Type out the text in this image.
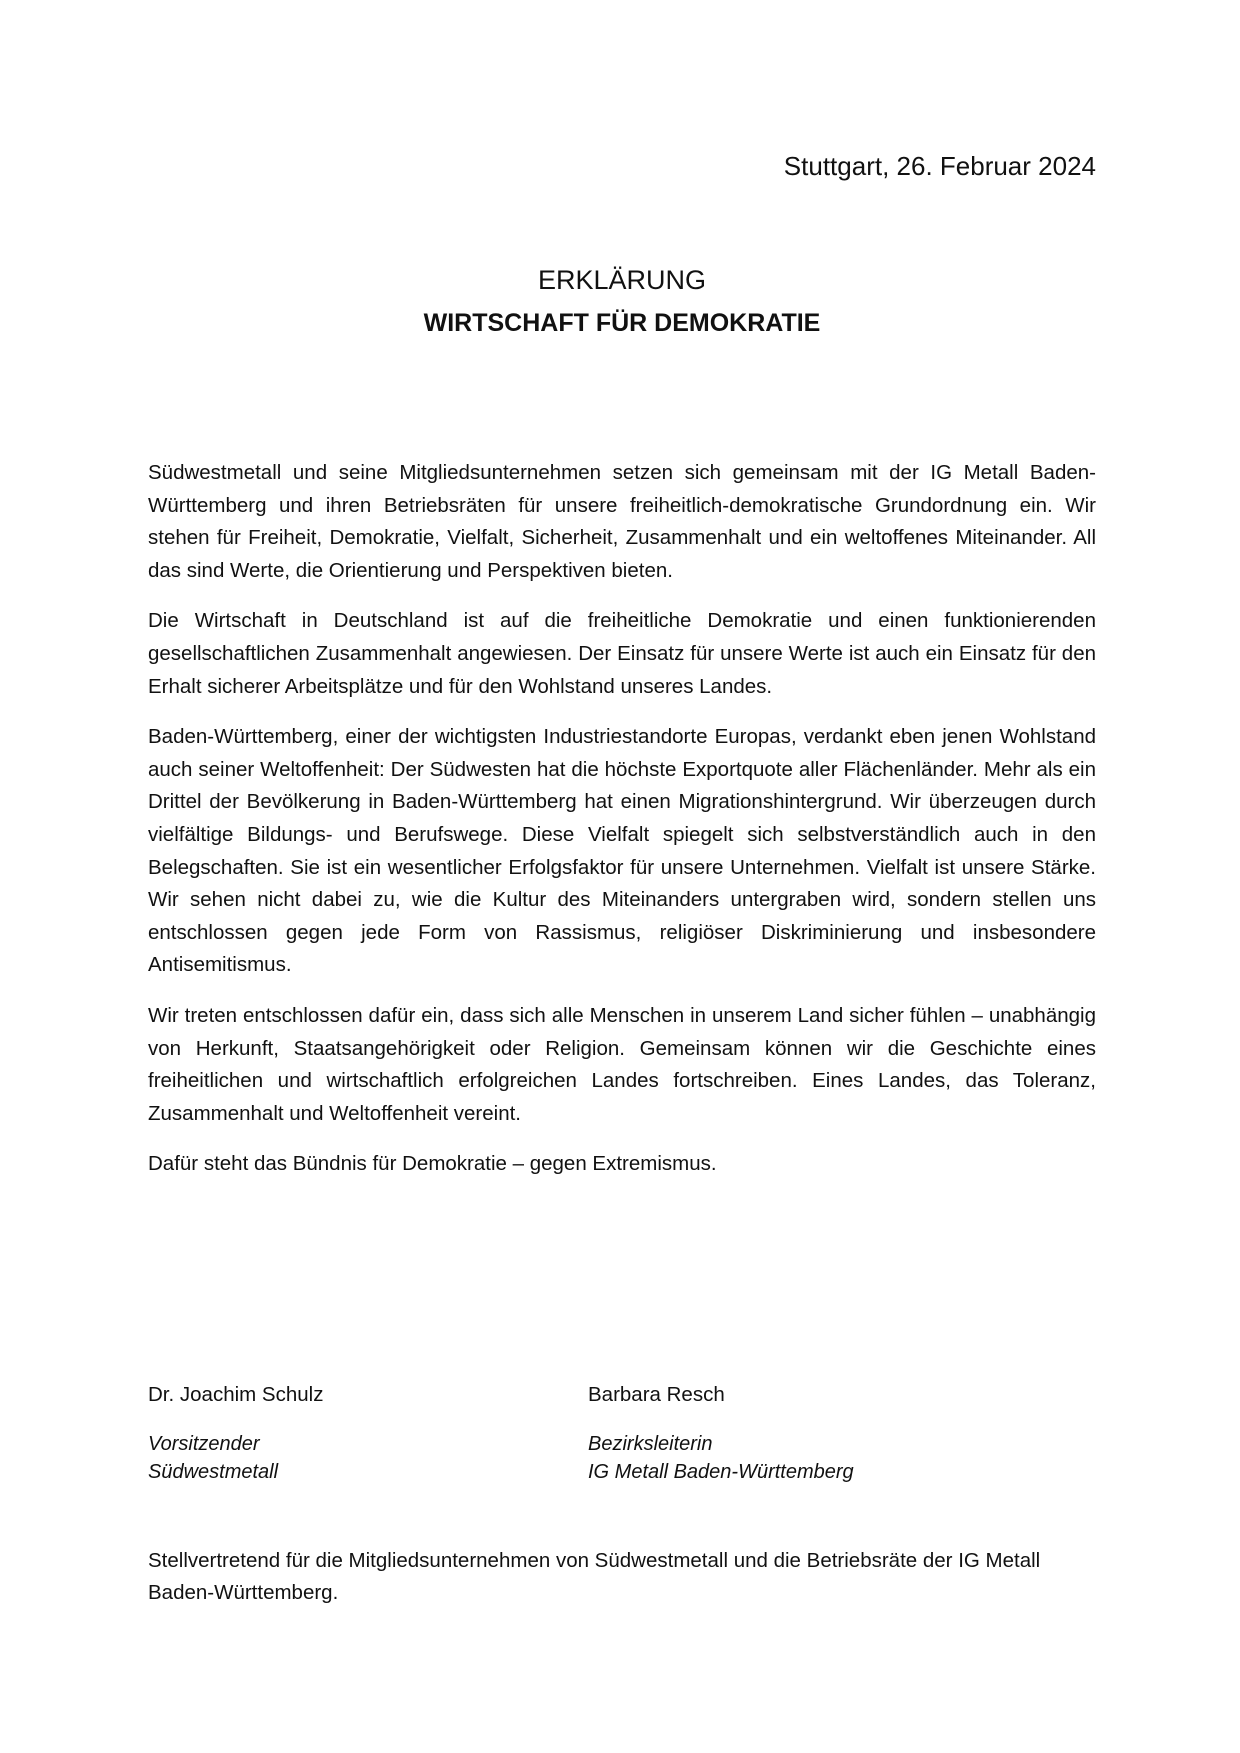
Stuttgart, 26. Februar 2024
ERKLÄRUNG
WIRTSCHAFT FÜR DEMOKRATIE

Südwestmetall und seine Mitgliedsunternehmen setzen sich gemeinsam mit der IG Metall Baden-Württemberg und ihren Betriebsräten für unsere freiheitlich-demokratische Grundordnung ein. Wir stehen für Freiheit, Demokratie, Vielfalt, Sicherheit, Zusammenhalt und ein weltoffenes Miteinander. All das sind Werte, die Orientierung und Perspektiven bieten.

Die Wirtschaft in Deutschland ist auf die freiheitliche Demokratie und einen funktionierenden gesellschaftlichen Zusammenhalt angewiesen. Der Einsatz für unsere Werte ist auch ein Einsatz für den Erhalt sicherer Arbeitsplätze und für den Wohlstand unseres Landes.

Baden-Württemberg, einer der wichtigsten Industriestandorte Europas, verdankt eben jenen Wohlstand auch seiner Weltoffenheit: Der Südwesten hat die höchste Exportquote aller Flächenländer. Mehr als ein Drittel der Bevölkerung in Baden-Württemberg hat einen Migrationshintergrund. Wir überzeugen durch vielfältige Bildungs- und Berufswege. Diese Vielfalt spiegelt sich selbstverständlich auch in den Belegschaften. Sie ist ein wesentlicher Erfolgsfaktor für unsere Unternehmen. Vielfalt ist unsere Stärke. Wir sehen nicht dabei zu, wie die Kultur des Miteinanders untergraben wird, sondern stellen uns entschlossen gegen jede Form von Rassismus, religiöser Diskriminierung und insbesondere Antisemitismus.

Wir treten entschlossen dafür ein, dass sich alle Menschen in unserem Land sicher fühlen – unabhängig von Herkunft, Staatsangehörigkeit oder Religion. Gemeinsam können wir die Geschichte eines freiheitlichen und wirtschaftlich erfolgreichen Landes fortschreiben. Eines Landes, das Toleranz, Zusammenhalt und Weltoffenheit vereint.

Dafür steht das Bündnis für Demokratie – gegen Extremismus.

Dr. Joachim Schulz
Vorsitzender
Südwestmetall
Barbara Resch
Bezirksleiterin
IG Metall Baden-Württemberg
Stellvertretend für die Mitgliedsunternehmen von Südwestmetall und die Betriebsräte der IG Metall Baden-Württemberg.
